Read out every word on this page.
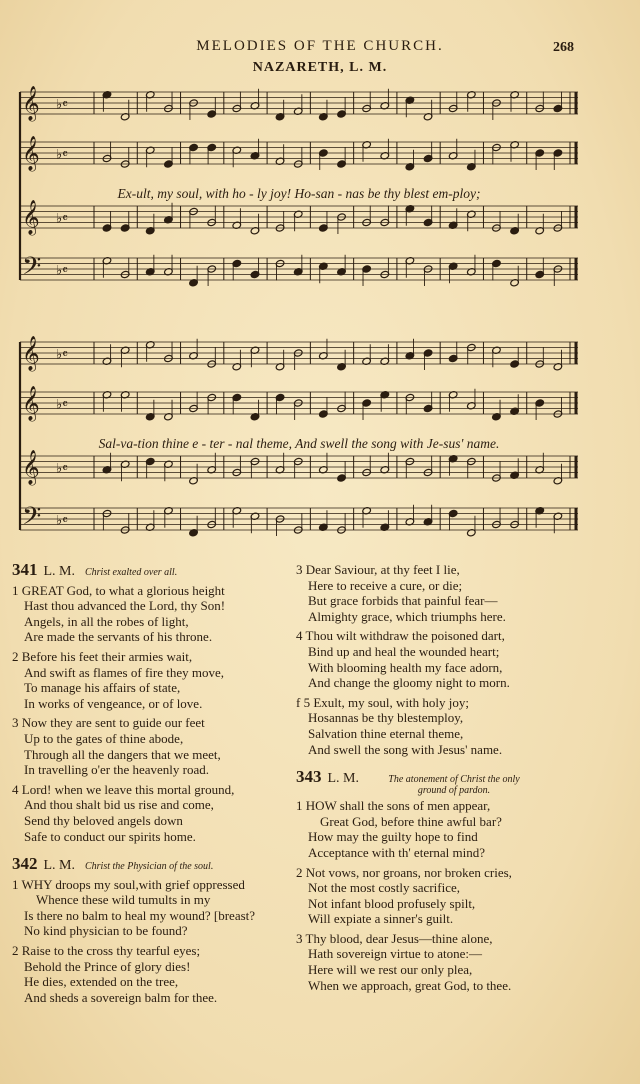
MELODIES OF THE CHURCH.	268
NAZARETH, L. M.
𝄞 ♭𝄴
𝄞 ♭𝄴
𝄞 ♭𝄴
𝄢 ♭𝄴
Ex-ult, my soul, with ho - ly joy! Ho-san - nas be thy blest em-ploy;
𝄞 ♭𝄴
𝄞 ♭𝄴
𝄞 ♭𝄴
𝄢 ♭𝄴
Sal-va-tion thine e - ter - nal theme, And swell the song with Je-sus' name.
341 L. M. Christ exalted over all.
1 GREAT God, to what a glorious height
Hast thou advanced the Lord, thy Son!
Angels, in all the robes of light,
Are made the servants of his throne.
2 Before his feet their armies wait,
And swift as flames of fire they move,
To manage his affairs of state,
In works of vengeance, or of love.
3 Now they are sent to guide our feet
Up to the gates of thine abode,
Through all the dangers that we meet,
In travelling o'er the heavenly road.
4 Lord! when we leave this mortal ground,
And thou shalt bid us rise and come,
Send thy beloved angels down
Safe to conduct our spirits home.
342 L. M. Christ the Physician of the soul.
1 WHY droops my soul,with grief oppressed
Whence these wild tumults in my
Is there no balm to heal my wound? [breast?
No kind physician to be found?
2 Raise to the cross thy tearful eyes;
Behold the Prince of glory dies!
He dies, extended on the tree,
And sheds a sovereign balm for thee.
3 Dear Saviour, at thy feet I lie,
Here to receive a cure, or die;
But grace forbids that painful fear—
Almighty grace, which triumphs here.
4 Thou wilt withdraw the poisoned dart,
Bind up and heal the wounded heart;
With blooming health my face adorn,
And change the gloomy night to morn.
f 5 Exult, my soul, with holy joy;
Hosannas be thy blestemploy,
Salvation thine eternal theme,
And swell the song with Jesus' name.
343 L. M.	The atonement of Christ the only
ground of pardon.
1 HOW shall the sons of men appear,
Great God, before thine awful bar?
How may the guilty hope to find
Acceptance with th' eternal mind?
2 Not vows, nor groans, nor broken cries,
Not the most costly sacrifice,
Not infant blood profusely spilt,
Will expiate a sinner's guilt.
3 Thy blood, dear Jesus—thine alone,
Hath sovereign virtue to atone:—
Here will we rest our only plea,
When we approach, great God, to thee.
